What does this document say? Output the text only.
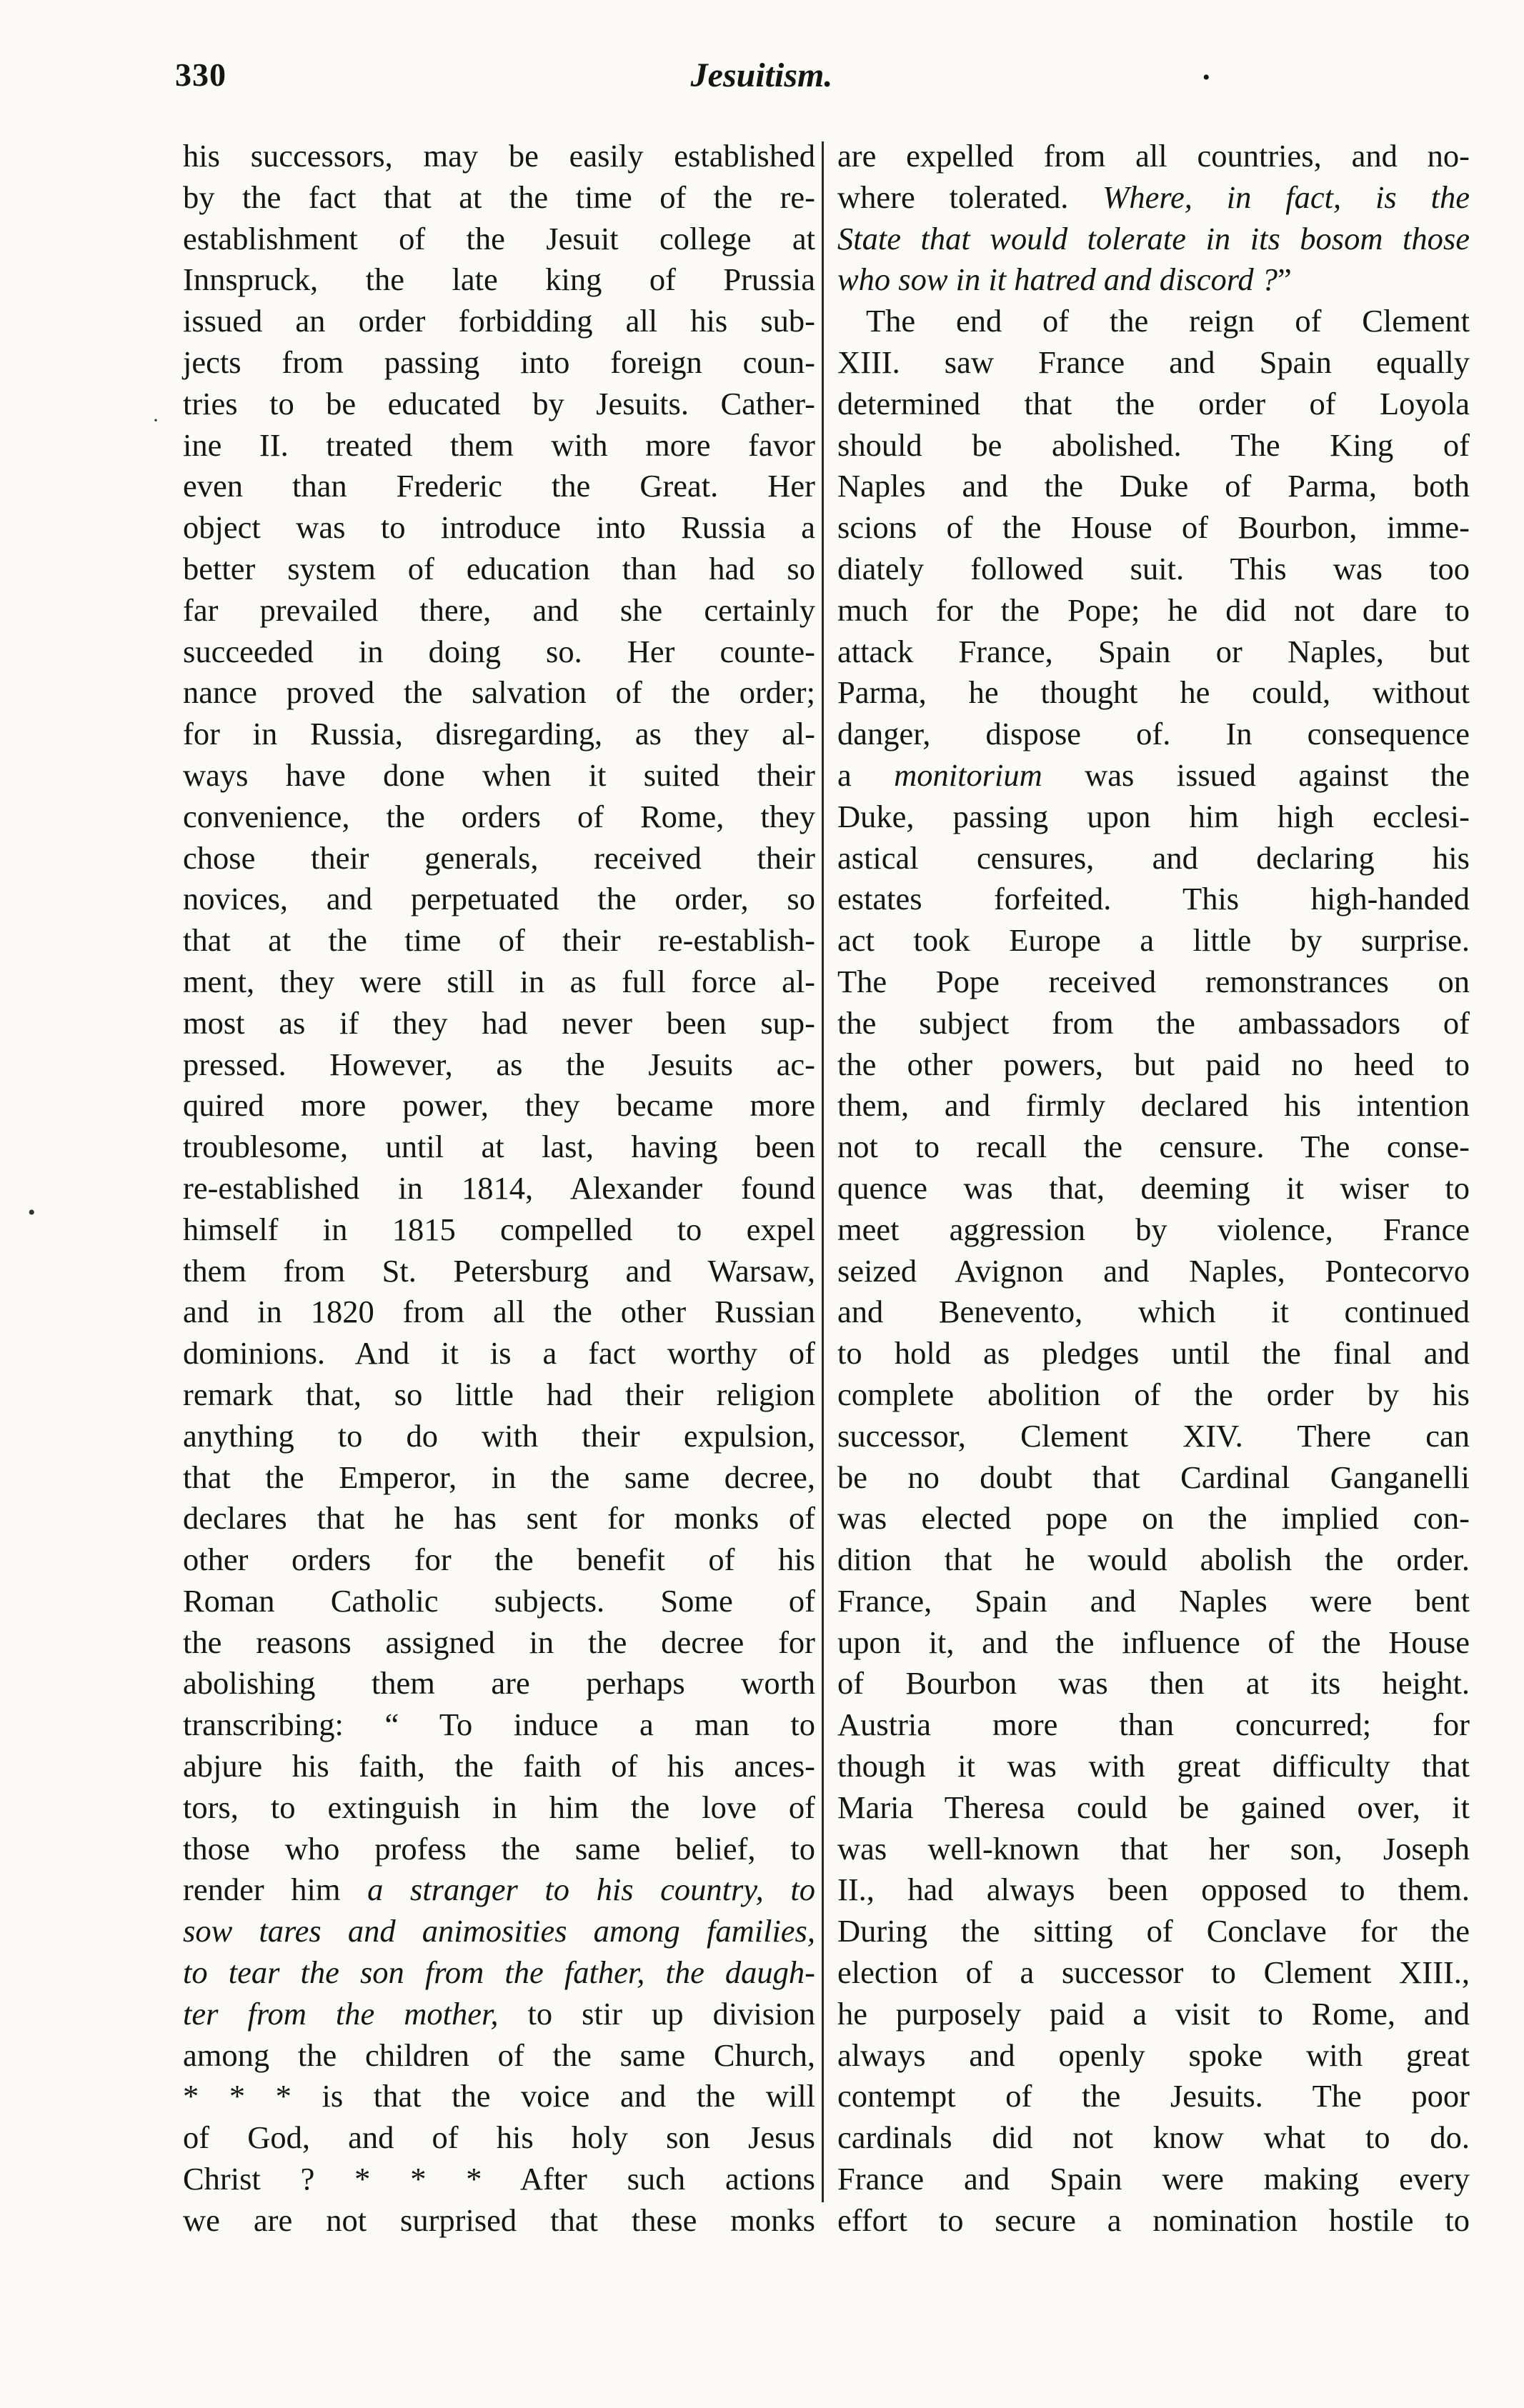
330	Jesuitism.	•
his successors, may be easily established
by the fact that at the time of the re-
establishment of the Jesuit college at
Innspruck, the late king of Prussia
issued an order forbidding all his sub-
jects from passing into foreign coun-
tries to be educated by Jesuits. Cather-
ine II. treated them with more favor
even than Frederic the Great. Her
object was to introduce into Russia a
better system of education than had so
far prevailed there, and she certainly
succeeded in doing so. Her counte-
nance proved the salvation of the order;
for in Russia, disregarding, as they al-
ways have done when it suited their
convenience, the orders of Rome, they
chose their generals, received their
novices, and perpetuated the order, so
that at the time of their re-establish-
ment, they were still in as full force al-
most as if they had never been sup-
pressed. However, as the Jesuits ac-
quired more power, they became more
troublesome, until at last, having been
re-established in 1814, Alexander found
himself in 1815 compelled to expel
them from St. Petersburg and Warsaw,
and in 1820 from all the other Russian
dominions. And it is a fact worthy of
remark that, so little had their religion
anything to do with their expulsion,
that the Emperor, in the same decree,
declares that he has sent for monks of
other orders for the benefit of his
Roman Catholic subjects. Some of
the reasons assigned in the decree for
abolishing them are perhaps worth
transcribing: “ To induce a man to
abjure his faith, the faith of his ances-
tors, to extinguish in him the love of
those who profess the same belief, to
render him a stranger to his country, to
sow tares and animosities among families,
to tear the son from the father, the daugh-
ter from the mother, to stir up division
among the children of the same Church,
* * * is that the voice and the will
of God, and of his holy son Jesus
Christ ? * * * After such actions
we are not surprised that these monks
are expelled from all countries, and no-
where tolerated. Where, in fact, is the
State that would tolerate in its bosom those
who sow in it hatred and discord ?”
The end of the reign of Clement
XIII. saw France and Spain equally
determined that the order of Loyola
should be abolished. The King of
Naples and the Duke of Parma, both
scions of the House of Bourbon, imme-
diately followed suit. This was too
much for the Pope; he did not dare to
attack France, Spain or Naples, but
Parma, he thought he could, without
danger, dispose of. In consequence
a monitorium was issued against the
Duke, passing upon him high ecclesi-
astical censures, and declaring his
estates forfeited. This high-handed
act took Europe a little by surprise.
The Pope received remonstrances on
the subject from the ambassadors of
the other powers, but paid no heed to
them, and firmly declared his intention
not to recall the censure. The conse-
quence was that, deeming it wiser to
meet aggression by violence, France
seized Avignon and Naples, Pontecorvo
and Benevento, which it continued
to hold as pledges until the final and
complete abolition of the order by his
successor, Clement XIV. There can
be no doubt that Cardinal Ganganelli
was elected pope on the implied con-
dition that he would abolish the order.
France, Spain and Naples were bent
upon it, and the influence of the House
of Bourbon was then at its height.
Austria more than concurred; for
though it was with great difficulty that
Maria Theresa could be gained over, it
was well-known that her son, Joseph
II., had always been opposed to them.
During the sitting of Conclave for the
election of a successor to Clement XIII.,
he purposely paid a visit to Rome, and
always and openly spoke with great
contempt of the Jesuits. The poor
cardinals did not know what to do.
France and Spain were making every
effort to secure a nomination hostile to
·
•
